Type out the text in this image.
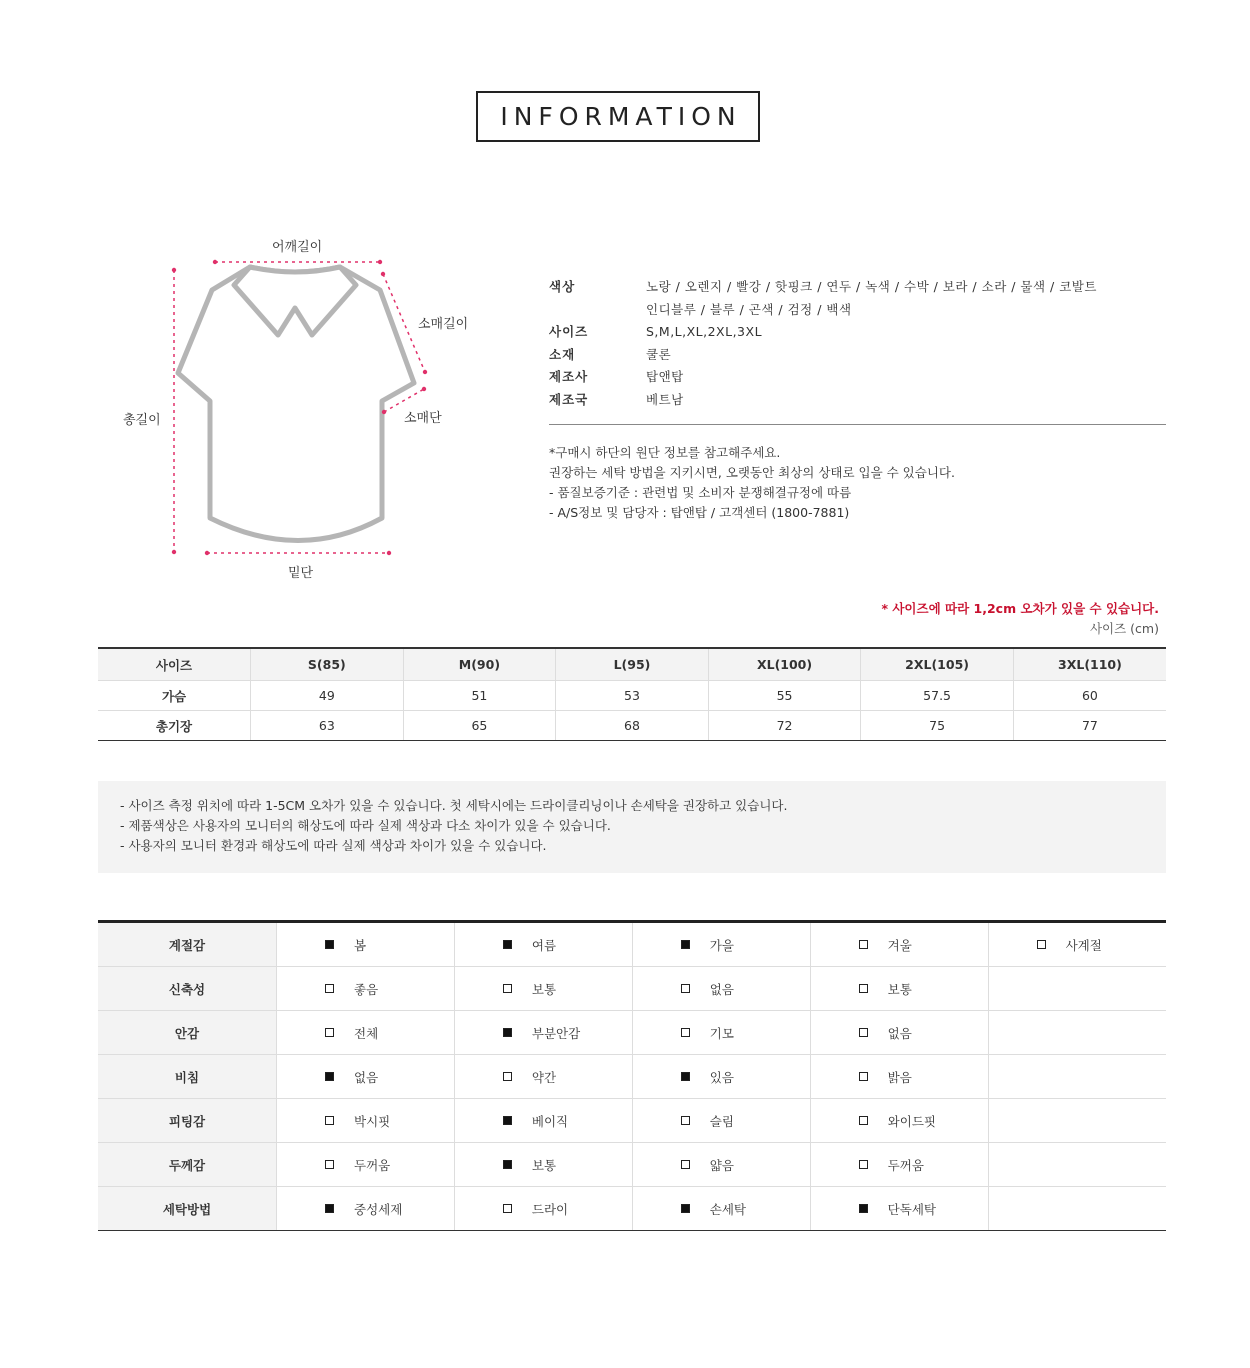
INFORMATION
어깨길이
소매길이
총길이	소매단
밑단
색상	노랑 / 오렌지 / 빨강 / 핫핑크 / 연두 / 녹색 / 수박 / 보라 / 소라 / 물색 / 코발트
인디블루 / 블루 / 곤색 / 검정 / 백색
사이즈	S,M,L,XL,2XL,3XL
소재	쿨론
제조사	탑앤탑
제조국	베트남
*구매시 하단의 원단 정보를 참고해주세요.
권장하는 세탁 방법을 지키시면, 오랫동안 최상의 상태로 입을 수 있습니다.
- 품질보증기준 : 관련법 및 소비자 분쟁해결규정에 따름
- A/S정보 및 담당자 : 탑앤탑 / 고객센터 (1800-7881)
* 사이즈에 따라 1,2cm 오차가 있을 수 있습니다.
사이즈 (cm)
사이즈	S(85)	M(90)	L(95)	XL(100)	2XL(105)	3XL(110)
가슴	49	51	53	55	57.5	60
총기장	63	65	68	72	75	77
- 사이즈 측정 위치에 따라 1-5CM 오차가 있을 수 있습니다. 첫 세탁시에는 드라이클리닝이나 손세탁을 권장하고 있습니다.
- 제품색상은 사용자의 모니터의 해상도에 따라 실제 색상과 다소 차이가 있을 수 있습니다.
- 사용자의 모니터 환경과 해상도에 따라 실제 색상과 차이가 있을 수 있습니다.
계절감	봄	여름	가을	겨울	사계절

신축성	좋음	보통	없음	보통	

안감	전체	부분안감	기모	없음	

비침	없음	약간	있음	밝음	

피팅감	박시핏	베이직	슬림	와이드핏	

두께감	두꺼움	보통	얇음	두꺼움	

세탁방법	중성세제	드라이	손세탁	단독세탁	
